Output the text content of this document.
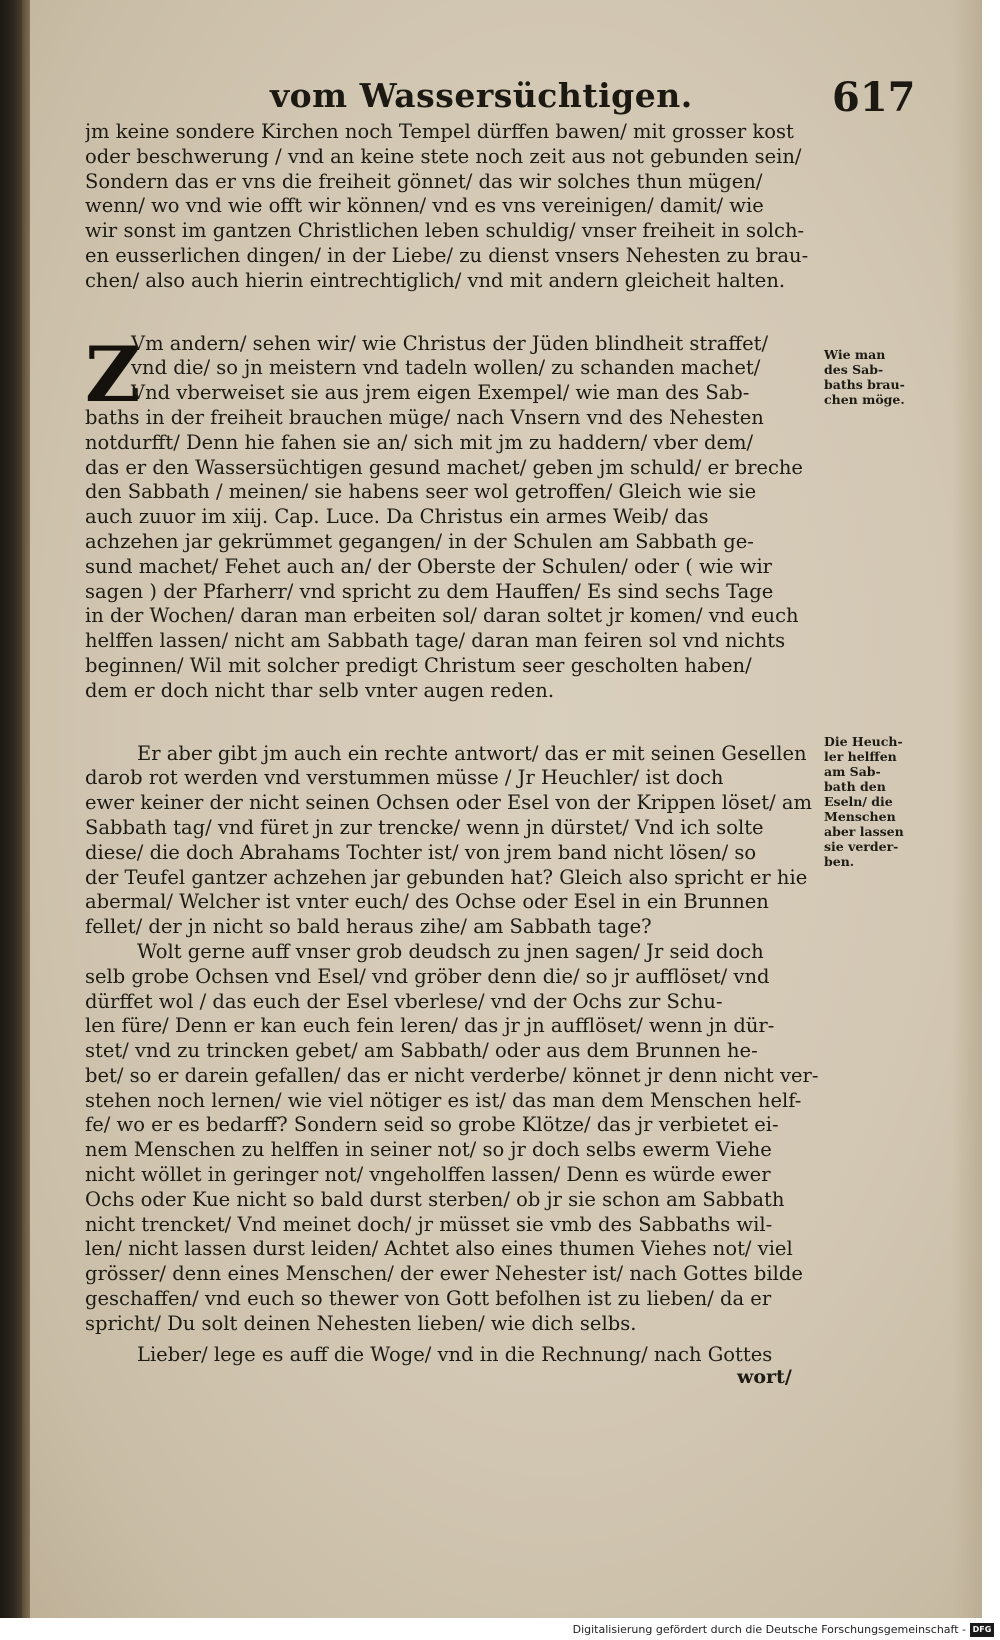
vom Wassersüchtigen.	617
Z
jm keine sondere Kirchen noch Tempel dürffen bawen/ mit grosser kost
oder beschwerung / vnd an keine stete noch zeit aus not gebunden sein/
Sondern das er vns die freiheit gönnet/ das wir solches thun mügen/
wenn/ wo vnd wie offt wir können/ vnd es vns vereinigen/ damit/ wie
wir sonst im gantzen Christlichen leben schuldig/ vnser freiheit in solch-
en eusserlichen dingen/ in der Liebe/ zu dienst vnsers Nehesten zu brau-
chen/ also auch hierin eintrechtiglich/ vnd mit andern gleicheit halten.
Vm andern/ sehen wir/ wie Christus der Jüden blindheit straffet/
vnd die/ so jn meistern vnd tadeln wollen/ zu schanden machet/
Vnd vberweiset sie aus jrem eigen Exempel/ wie man des Sab-
baths in der freiheit brauchen müge/ nach Vnsern vnd des Nehesten
notdurfft/ Denn hie fahen sie an/ sich mit jm zu haddern/ vber dem/
das er den Wassersüchtigen gesund machet/ geben jm schuld/ er breche
den Sabbath / meinen/ sie habens seer wol getroffen/ Gleich wie sie
auch zuuor im xiij. Cap. Luce. Da Christus ein armes Weib/ das
achzehen jar gekrümmet gegangen/ in der Schulen am Sabbath ge-
sund machet/ Fehet auch an/ der Oberste der Schulen/ oder ( wie wir
sagen ) der Pfarherr/ vnd spricht zu dem Hauffen/ Es sind sechs Tage
in der Wochen/ daran man erbeiten sol/ daran soltet jr komen/ vnd euch
helffen lassen/ nicht am Sabbath tage/ daran man feiren sol vnd nichts
beginnen/ Wil mit solcher predigt Christum seer gescholten haben/
dem er doch nicht thar selb vnter augen reden.
Er aber gibt jm auch ein rechte antwort/ das er mit seinen Gesellen
darob rot werden vnd verstummen müsse / Jr Heuchler/ ist doch
ewer keiner der nicht seinen Ochsen oder Esel von der Krippen löset/ am
Sabbath tag/ vnd füret jn zur trencke/ wenn jn dürstet/ Vnd ich solte
diese/ die doch Abrahams Tochter ist/ von jrem band nicht lösen/ so
der Teufel gantzer achzehen jar gebunden hat? Gleich also spricht er hie
abermal/ Welcher ist vnter euch/ des Ochse oder Esel in ein Brunnen
fellet/ der jn nicht so bald heraus zihe/ am Sabbath tage?
Wolt gerne auff vnser grob deudsch zu jnen sagen/ Jr seid doch
selb grobe Ochsen vnd Esel/ vnd gröber denn die/ so jr aufflöset/ vnd
dürffet wol / das euch der Esel vberlese/ vnd der Ochs zur Schu-
len füre/ Denn er kan euch fein leren/ das jr jn aufflöset/ wenn jn dür-
stet/ vnd zu trincken gebet/ am Sabbath/ oder aus dem Brunnen he-
bet/ so er darein gefallen/ das er nicht verderbe/ könnet jr denn nicht ver-
stehen noch lernen/ wie viel nötiger es ist/ das man dem Menschen helf-
fe/ wo er es bedarff? Sondern seid so grobe Klötze/ das jr verbietet ei-
nem Menschen zu helffen in seiner not/ so jr doch selbs ewerm Viehe
nicht wöllet in geringer not/ vngeholffen lassen/ Denn es würde ewer
Ochs oder Kue nicht so bald durst sterben/ ob jr sie schon am Sabbath
nicht trencket/ Vnd meinet doch/ jr müsset sie vmb des Sabbaths wil-
len/ nicht lassen durst leiden/ Achtet also eines thumen Viehes not/ viel
grösser/ denn eines Menschen/ der ewer Nehester ist/ nach Gottes bilde
geschaffen/ vnd euch so thewer von Gott befolhen ist zu lieben/ da er
spricht/ Du solt deinen Nehesten lieben/ wie dich selbs.
Lieber/ lege es auff die Woge/ vnd in die Rechnung/ nach Gottes
wort/
Wie man
des Sab-
baths brau-
chen möge.
Die Heuch-
ler helffen
am Sab-
bath den
Eseln/ die
Menschen
aber lassen
sie verder-
ben.
Digitalisierung gefördert durch die Deutsche Forschungsgemeinschaft - DFG
